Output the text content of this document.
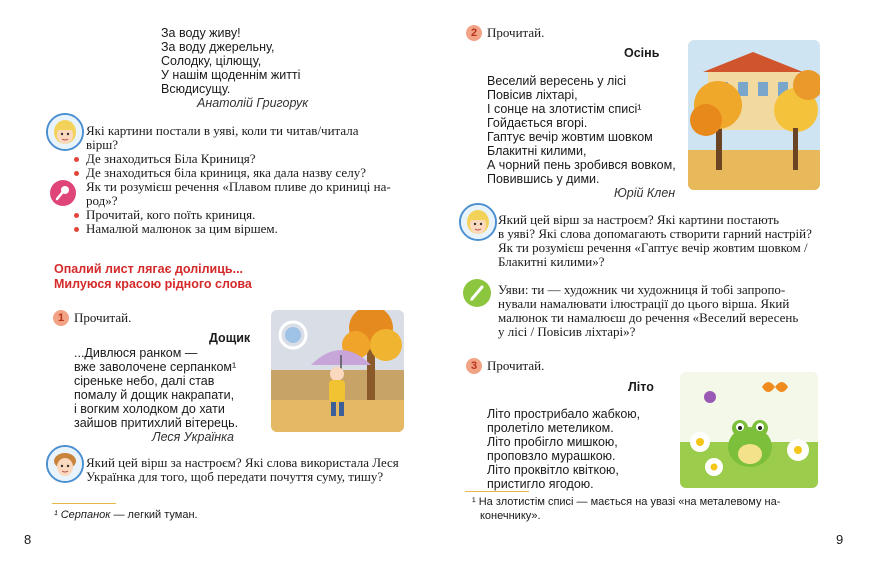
За воду живу!
За воду джерельну,
Солодку, цілющу,
У нашім щоденнім житті
Всюдисущу.
Анатолій Григорук
Які картини постали в уяві, коли ти читав/читала
вірш?
Де знаходиться Біла Криниця?
Де знаходиться біла криниця, яка дала назву селу?
Як ти розумієш речення «Плавом пливе до криниці на-
род»?
Прочитай, кого поїть криниця.
Намалюй малюнок за цим віршем.
Опалий лист лягає долілиць...
Милуюся красою рідного слова
1 Прочитай.
Дощик
...Дивлюся ранком —
вже заволочене серпанком¹
сіреньке небо, далі став
помалу й дощик накрапати,
і вогким холодком до хати
зайшов притихлий вітерець.
Леся Українка
Який цей вірш за настроєм? Які слова використала Леся
Українка для того, щоб передати почуття суму, тишу?
¹ Серпанок — легкий туман.
8
2 Прочитай.
Осінь
Веселий вересень у лісі
Повісив ліхтарі,
І сонце на злотистім списі¹
Гойдається вгорі.
Гаптує вечір жовтим шовком
Блакитні килими,
А чорний пень зробився вовком,
Повившись у дими.
Юрій Клен
Який цей вірш за настроєм? Які картини постають
в уяві? Які слова допомагають створити гарний настрій?
Як ти розумієш речення «Гаптує вечір жовтим шовком /
Блакитні килими»?
Уяви: ти — художник чи художниця й тобі запропо-
нували намалювати ілюстрації до цього вірша. Який
малюнок ти намалюєш до речення «Веселий вересень
у лісі / Повісив ліхтарі»?
3 Прочитай.
Літо
Літо прострибало жабкою,
пролетіло метеликом.
Літо пробігло мишкою,
проповзло мурашкою.
Літо проквітло квіткою,
пристигло ягодою.
¹ На злотистім списі — мається на увазі «на металевому на-
конечнику».
9
